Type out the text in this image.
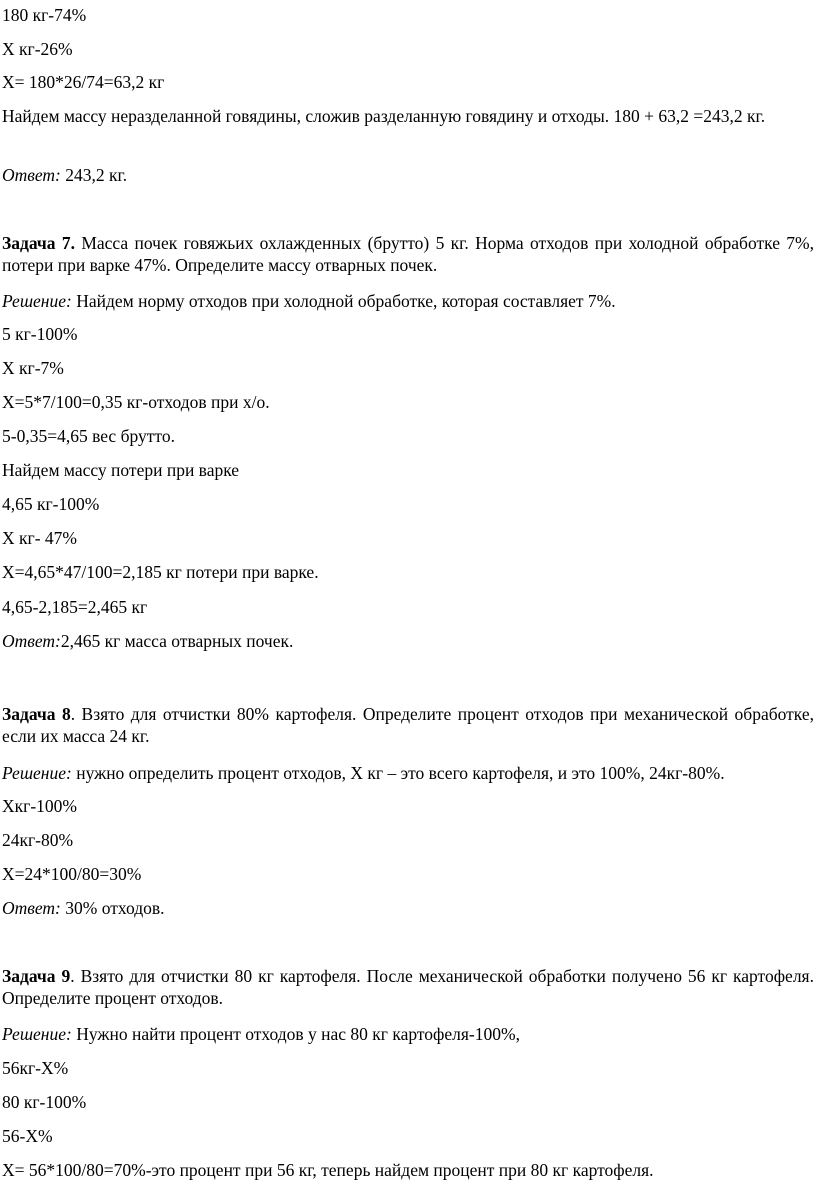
180 кг-74%
Х кг-26%
Х= 180*26/74=63,2 кг
Найдем массу неразделанной говядины, сложив разделанную говядину и отходы. 180 + 63,2 =243,2 кг.
Ответ: 243,2 кг.
Задача 7. Масса почек говяжьих охлажденных (брутто) 5 кг. Норма отходов при холодной обработке 7%, потери при варке 47%. Определите массу отварных почек.
Решение: Найдем норму отходов при холодной обработке, которая составляет 7%.
5 кг-100%
Х кг-7%
Х=5*7/100=0,35 кг-отходов при х/о.
5-0,35=4,65 вес брутто.
Найдем массу потери при варке
4,65 кг-100%
Х кг- 47%
Х=4,65*47/100=2,185 кг потери при варке.
4,65-2,185=2,465 кг
Ответ:2,465 кг масса отварных почек.
Задача 8. Взято для отчистки 80% картофеля. Определите процент отходов при механической обработке, если их масса 24 кг.
Решение: нужно определить процент отходов, Х кг – это всего картофеля, и это 100%, 24кг-80%.
Хкг-100%
24кг-80%
Х=24*100/80=30%
Ответ: 30% отходов.
Задача 9. Взято для отчистки 80 кг картофеля. После механической обработки получено 56 кг картофеля. Определите процент отходов.
Решение: Нужно найти процент отходов у нас 80 кг картофеля-100%,
56кг-Х%
80 кг-100%
56-Х%
Х= 56*100/80=70%-это процент при 56 кг, теперь найдем процент при 80 кг картофеля.
